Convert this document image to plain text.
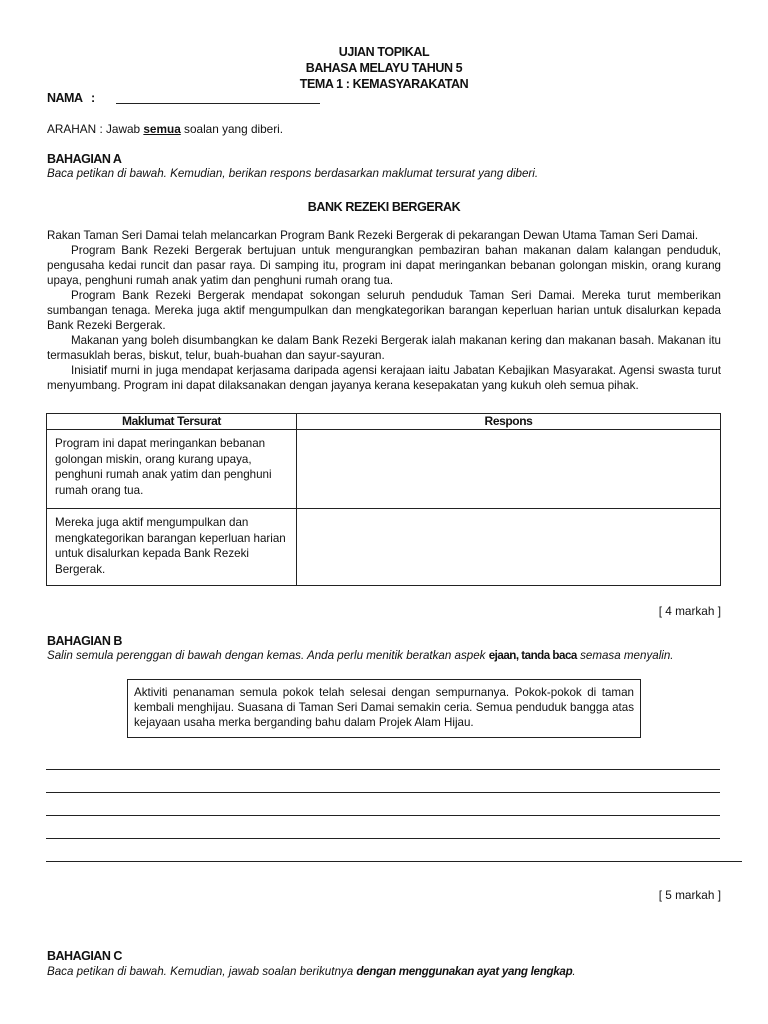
UJIAN TOPIKAL
BAHASA MELAYU TAHUN 5
TEMA 1 : KEMASYARAKATAN
NAMA :
ARAHAN : Jawab semua soalan yang diberi.
BAHAGIAN A
Baca petikan di bawah. Kemudian, berikan respons berdasarkan maklumat tersurat yang diberi.
BANK REZEKI BERGERAK

Rakan Taman Seri Damai telah melancarkan Program Bank Rezeki Bergerak di pekarangan Dewan Utama Taman Seri Damai.

Program Bank Rezeki Bergerak bertujuan untuk mengurangkan pembaziran bahan makanan dalam kalangan penduduk, pengusaha kedai runcit dan pasar raya. Di samping itu, program ini dapat meringankan bebanan golongan miskin, orang kurang upaya, penghuni rumah anak yatim dan penghuni rumah orang tua.

Program Bank Rezeki Bergerak mendapat sokongan seluruh penduduk Taman Seri Damai. Mereka turut memberikan sumbangan tenaga. Mereka juga aktif mengumpulkan dan mengkategorikan barangan keperluan harian untuk disalurkan kepada Bank Rezeki Bergerak.

Makanan yang boleh disumbangkan ke dalam Bank Rezeki Bergerak ialah makanan kering dan makanan basah. Makanan itu termasuklah beras, biskut, telur, buah-buahan dan sayur-sayuran.

Inisiatif murni in juga mendapat kerjasama daripada agensi kerajaan iaitu Jabatan Kebajikan Masyarakat. Agensi swasta turut menyumbang. Program ini dapat dilaksanakan dengan jayanya kerana kesepakatan yang kukuh oleh semua pihak.

Maklumat Tersurat	Respons
Program ini dapat meringankan bebanan golongan miskin, orang kurang upaya, penghuni rumah anak yatim dan penghuni rumah orang tua.	
Mereka juga aktif mengumpulkan dan mengkategorikan barangan keperluan harian untuk disalurkan kepada Bank Rezeki Bergerak.	
[ 4 markah ]
BAHAGIAN B
Salin semula perenggan di bawah dengan kemas. Anda perlu menitik beratkan aspek ejaan, tanda baca semasa menyalin.
Aktiviti penanaman semula pokok telah selesai dengan sempurnanya. Pokok-pokok di taman kembali menghijau. Suasana di Taman Seri Damai semakin ceria. Semua penduduk bangga atas kejayaan usaha merka berganding bahu dalam Projek Alam Hijau.
[ 5 markah ]
BAHAGIAN C
Baca petikan di bawah. Kemudian, jawab soalan berikutnya dengan menggunakan ayat yang lengkap.
